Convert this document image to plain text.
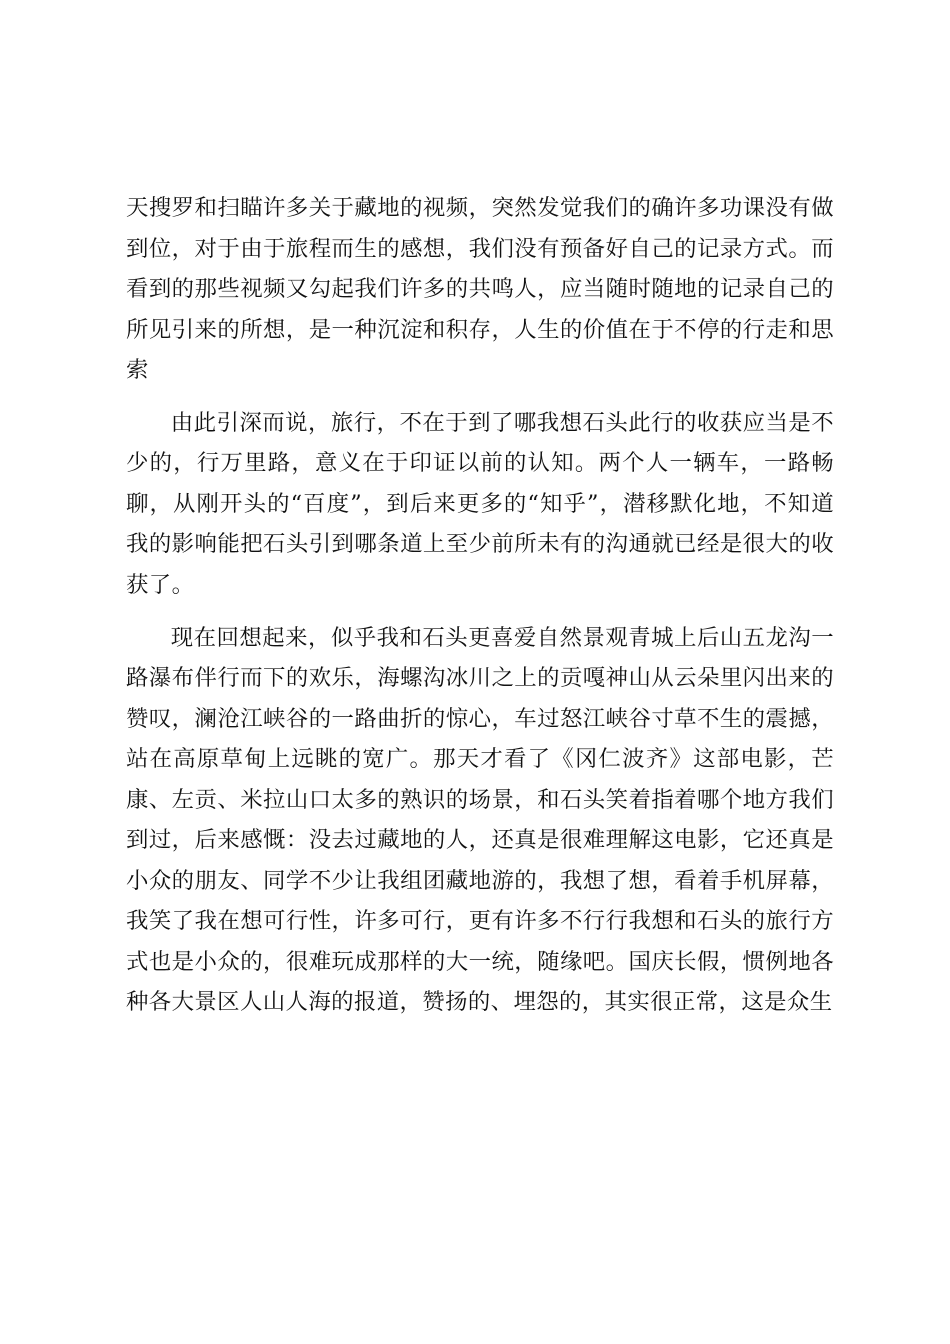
天搜罗和扫瞄许多关于藏地的视频，突然发觉我们的确许多功课没有做到位，对于由于旅程而生的感想，我们没有预备好自己的记录方式。而看到的那些视频又勾起我们许多的共鸣人，应当随时随地的记录自己的所见引来的所想，是一种沉淀和积存，人生的价值在于不停的行走和思索

由此引深而说，旅行，不在于到了哪我想石头此行的收获应当是不少的，行万里路，意义在于印证以前的认知。两个人一辆车，一路畅聊，从刚开头的“百度”，到后来更多的“知乎”，潜移默化地，不知道我的影响能把石头引到哪条道上至少前所未有的沟通就已经是很大的收获了。

现在回想起来，似乎我和石头更喜爱自然景观青城上后山五龙沟一路瀑布伴行而下的欢乐，海螺沟冰川之上的贡嘎神山从云朵里闪出来的赞叹，澜沧江峡谷的一路曲折的惊心，车过怒江峡谷寸草不生的震撼，站在高原草甸上远眺的宽广。那天才看了《冈仁波齐》这部电影，芒康、左贡、米拉山口太多的熟识的场景，和石头笑着指着哪个地方我们到过，后来感慨：没去过藏地的人，还真是很难理解这电影，它还真是小众的朋友、同学不少让我组团藏地游的，我想了想，看着手机屏幕，我笑了我在想可行性，许多可行，更有许多不行行我想和石头的旅行方式也是小众的，很难玩成那样的大一统，随缘吧。国庆长假，惯例地各种各大景区人山人海的报道，赞扬的、埋怨的，其实很正常，这是众生
